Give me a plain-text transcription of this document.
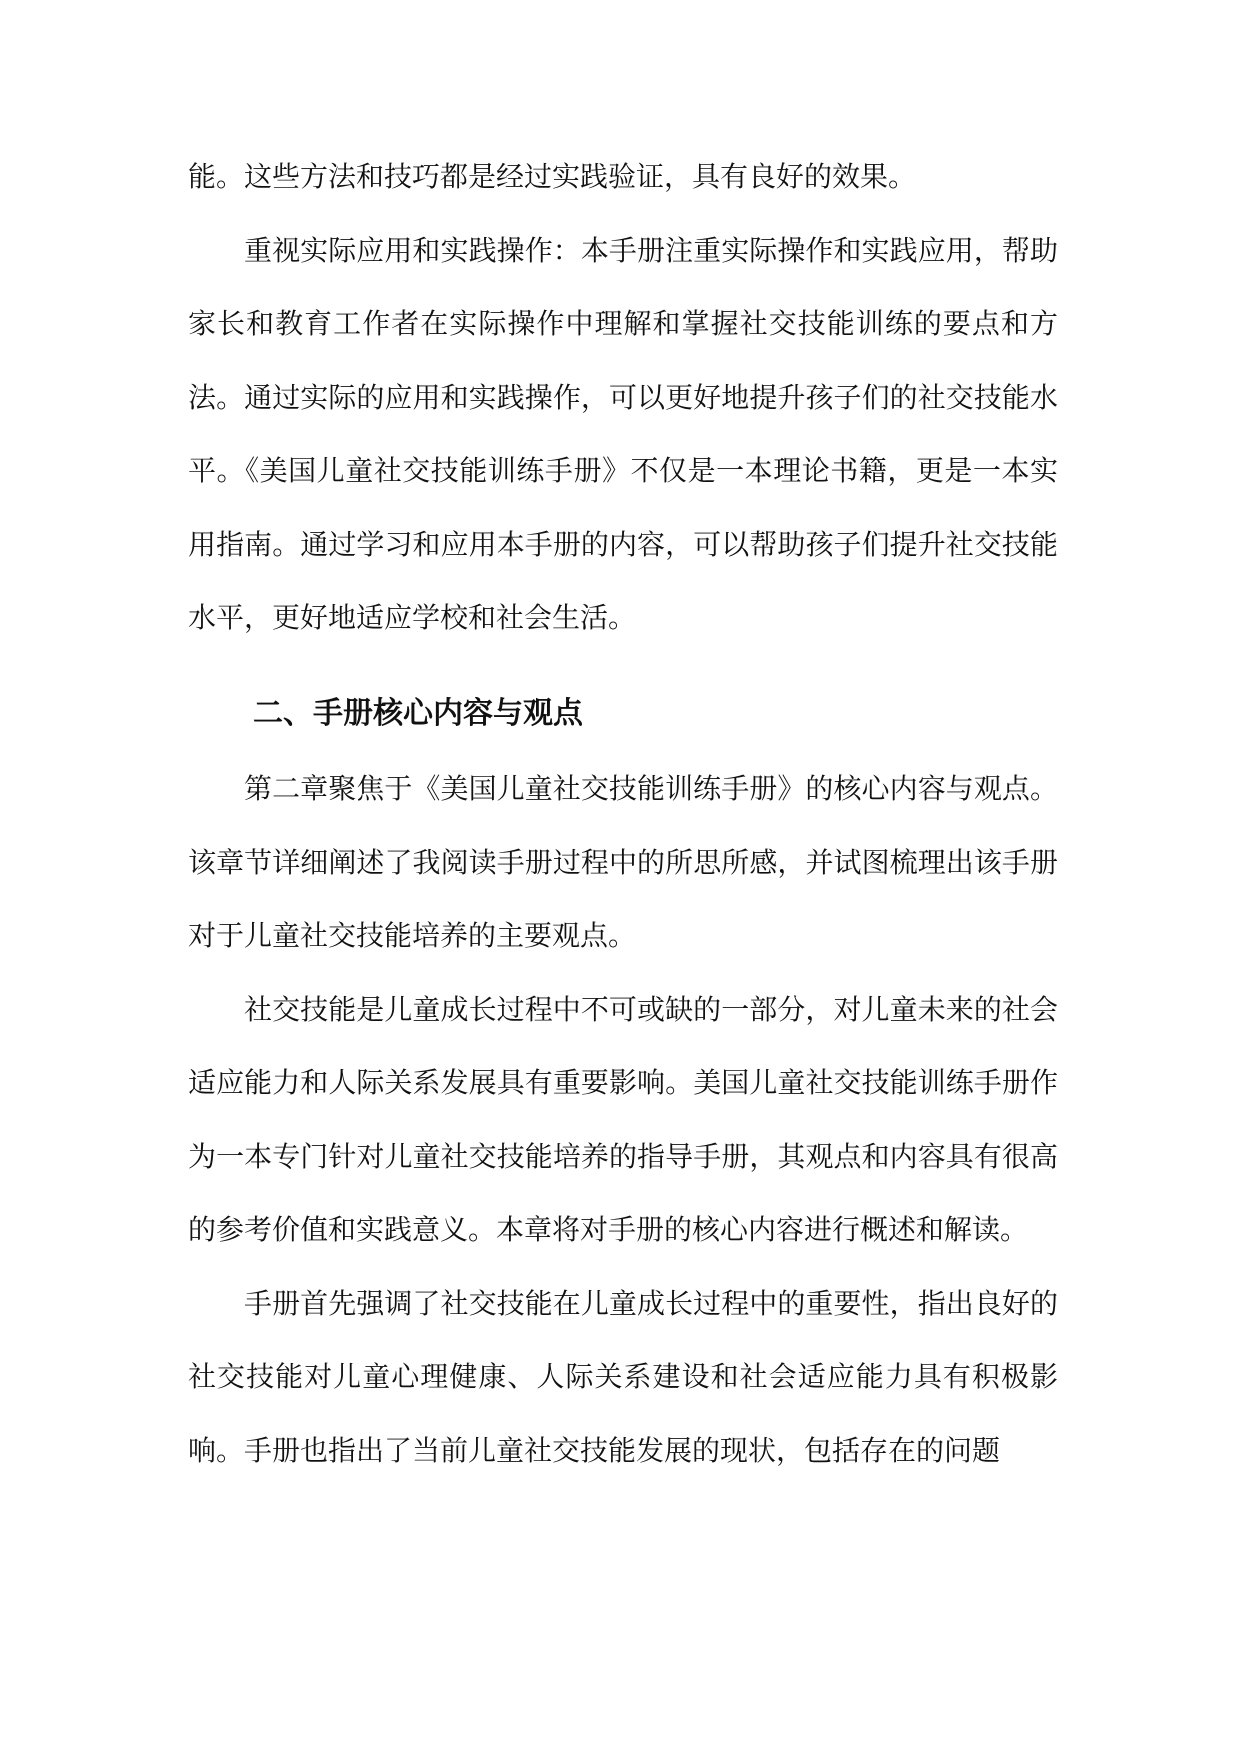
能。这些方法和技巧都是经过实践验证，具有良好的效果。

重视实际应用和实践操作：本手册注重实际操作和实践应用，帮助家长和教育工作者在实际操作中理解和掌握社交技能训练的要点和方法。通过实际的应用和实践操作，可以更好地提升孩子们的社交技能水平。《美国儿童社交技能训练手册》不仅是一本理论书籍，更是一本实用指南。通过学习和应用本手册的内容，可以帮助孩子们提升社交技能水平，更好地适应学校和社会生活。

二、手册核心内容与观点

第二章聚焦于《美国儿童社交技能训练手册》的核心内容与观点。该章节详细阐述了我阅读手册过程中的所思所感，并试图梳理出该手册对于儿童社交技能培养的主要观点。

社交技能是儿童成长过程中不可或缺的一部分，对儿童未来的社会适应能力和人际关系发展具有重要影响。美国儿童社交技能训练手册作为一本专门针对儿童社交技能培养的指导手册，其观点和内容具有很高的参考价值和实践意义。本章将对手册的核心内容进行概述和解读。

手册首先强调了社交技能在儿童成长过程中的重要性，指出良好的社交技能对儿童心理健康、人际关系建设和社会适应能力具有积极影响。手册也指出了当前儿童社交技能发展的现状，包括存在的问题
